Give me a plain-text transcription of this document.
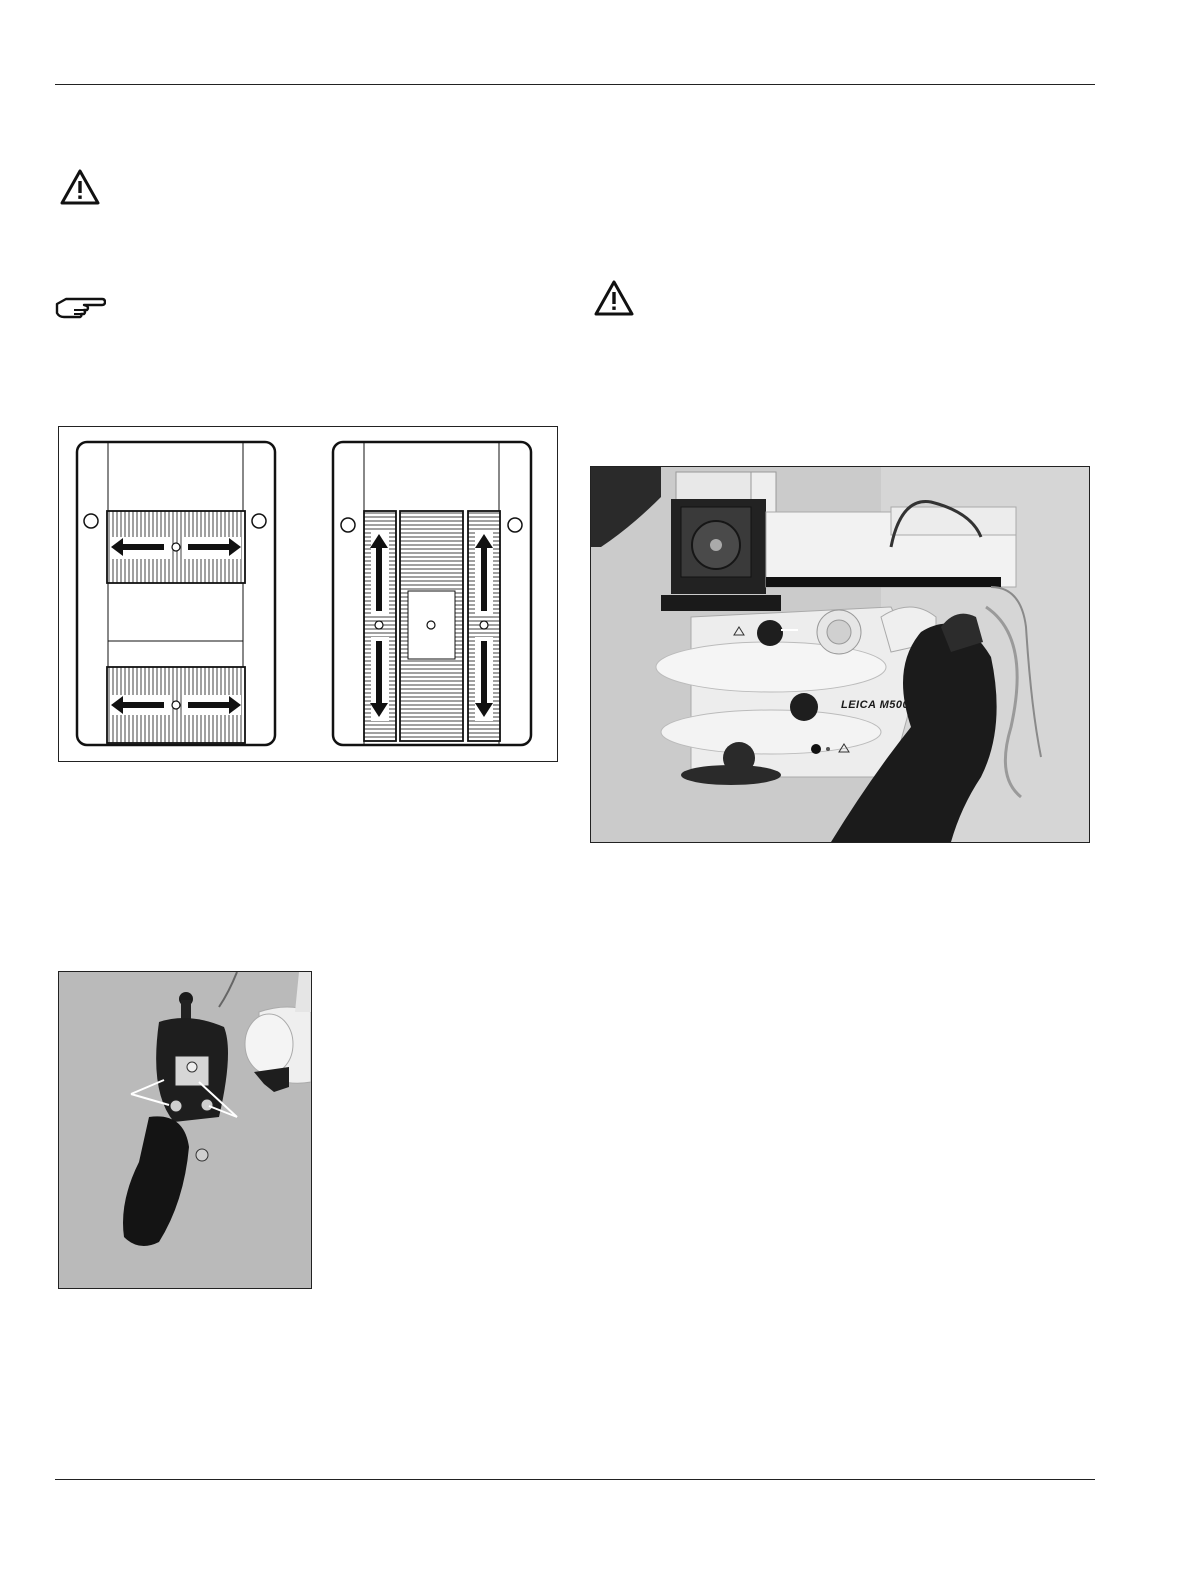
LEICA M500
